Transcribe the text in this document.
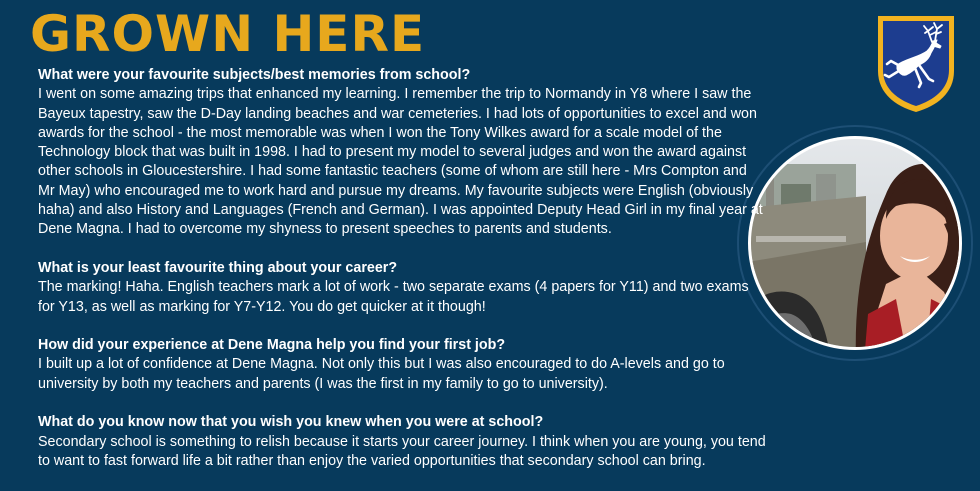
GROWN HERE

What were your favourite subjects/best memories from school?

I went on some amazing trips that enhanced my learning. I remember the trip to Normandy in Y8 where I saw the Bayeux tapestry, saw the D-Day landing beaches and war cemeteries. I had lots of opportunities to excel and won awards for the school - the most memorable was when I won the Tony Wilkes award for a scale model of the Technology block that was built in 1998. I had to present my model to several judges and won the award against other schools in Gloucestershire. I had some fantastic teachers (some of whom are still here - Mrs Compton and Mr May) who encouraged me to work hard and pursue my dreams. My favourite subjects were English (obviously haha) and also History and Languages (French and German). I was appointed Deputy Head Girl in my final year at Dene Magna. I had to overcome my shyness to present speeches to parents and students.

What is your least favourite thing about your career?

The marking! Haha. English teachers mark a lot of work - two separate exams (4 papers for Y11) and two exams for Y13, as well as marking for Y7-Y12. You do get quicker at it though!

How did your experience at Dene Magna help you find your first job?

I built up a lot of confidence at Dene Magna. Not only this but I was also encouraged to do A-levels and go to university by both my teachers and parents (I was the first in my family to go to university).

What do you know now that you wish you knew when you were at school?

Secondary school is something to relish because it starts your career journey. I think when you are young, you tend to want to fast forward life a bit rather than enjoy the varied opportunities that secondary school can bring.
